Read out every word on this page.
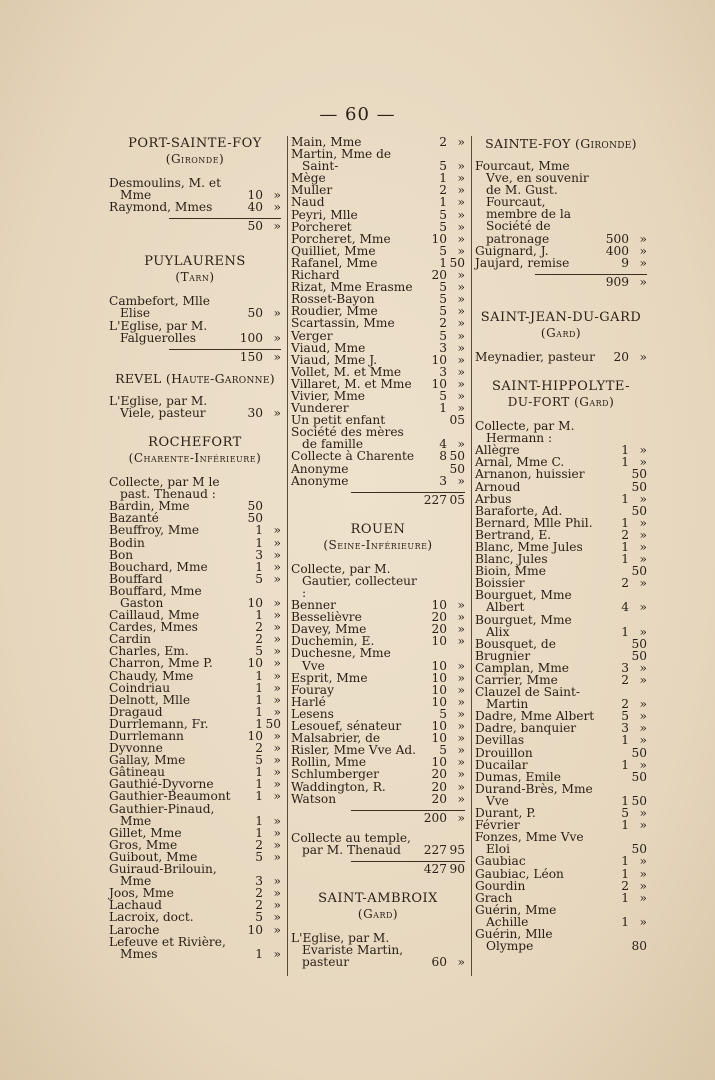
— 60 —
PORT-SAINTE-FOY
(Gironde)
Desmoulins, M. et Mme	10 »
Raymond, Mmes	40 »
50 »
PUYLAURENS
(Tarn)
Cambefort, Mlle Elise	50 »
L'Eglise, par M. Falguerolles	100 »
150 »
REVEL (Haute-Garonne)
L'Eglise, par M. Viele, pasteur	30 »
ROCHEFORT
(Charente-Inférieure)
Collecte, par M le past. Thenaud :
Bardin, Mme	50
Bazanté	50
Beuffroy, Mme	1 »
Bodin	1 »
Bon	3 »
Bouchard, Mme	1 »
Bouffard	5 »
Bouffard, Mme Gaston	10 »
Caillaud, Mme	1 »
Cardes, Mmes	2 »
Cardin	2 »
Charles, Em.	5 »
Charron, Mme P.	10 »
Chaudy, Mme	1 »
Coindriau	1 »
Delnott, Mlle	1 »
Dragaud	1 »
Durrlemann, Fr.	1 50
Durrlemann	10 »
Dyvonne	2 »
Gallay, Mme	5 »
Gâtineau	1 »
Gauthié-Dyvorne	1 »
Gauthier-Beaumont	1 »
Gauthier-Pinaud, Mme	1 »
Gillet, Mme	1 »
Gros, Mme	2 »
Guibout, Mme	5 »
Guiraud-Brilouin, Mme	3 »
Joos, Mme	2 »
Lachaud	2 »
Lacroix, doct.	5 »
Laroche	10 »
Lefeuve et Rivière, Mmes	1 »
Main, Mme	2 »
Martin, Mme de Saint-	5 »
Mège	1 »
Muller	2 »
Naud	1 »
Peyri, Mlle	5 »
Porcheret	5 »
Porcheret, Mme	10 »
Quilliet, Mme	5 »
Rafanel, Mme	1 50
Richard	20 »
Rizat, Mme Erasme	5 »
Rosset-Bayon	5 »
Roudier, Mme	5 »
Scartassin, Mme	2 »
Verger	5 »
Viaud, Mme	3 »
Viaud, Mme J.	10 »
Vollet, M. et Mme	3 »
Villaret, M. et Mme	10 »
Vivier, Mme	5 »
Vunderer	1 »
Un petit enfant	05
Société des mères de famille	4 »
Collecte à Charente	8 50
Anonyme	50
Anonyme	3 »
227 05
ROUEN
(Seine-Inférieure)
Collecte, par M. Gautier, collecteur :
Benner	10 »
Besselièvre	20 »
Davey, Mme	20 »
Duchemin, E.	10 »
Duchesne, Mme Vve	10 »
Esprit, Mme	10 »
Fouray	10 »
Harlé	10 »
Lesens	5 »
Lesouef, sénateur	10 »
Malsabrier, de	10 »
Risler, Mme Vve Ad.	5 »
Rollin, Mme	10 »
Schlumberger	20 »
Waddington, R.	20 »
Watson	20 »
200 »
Collecte au temple, par M. Thenaud	227 95
427 90
SAINT-AMBROIX
(Gard)
L'Eglise, par M. Evariste Martin, pasteur	60 »
SAINTE-FOY (Gironde)
Fourcaut, Mme Vve, en souvenir de M. Gust. Fourcaut, membre de la Société de patronage	500 »
Guignard, J.	400 »
Jaujard, remise	9 »
909 »
SAINT-JEAN-DU-GARD
(Gard)
Meynadier, pasteur	20 »
SAINT-HIPPOLYTE-
DU-FORT (Gard)
Collecte, par M. Hermann :
Allègre	1 »
Arnal, Mme C.	1 »
Arnanon, huissier	50
Arnoud	50
Arbus	1 »
Baraforte, Ad.	50
Bernard, Mlle Phil.	1 »
Bertrand, E.	2 »
Blanc, Mme Jules	1 »
Blanc, Jules	1 »
Bioin, Mme	50
Boissier	2 »
Bourguet, Mme Albert	4 »
Bourguet, Mme Alix	1 »
Bousquet, de	50
Brugnier	50
Camplan, Mme	3 »
Carrier, Mme	2 »
Clauzel de Saint-Martin	2 »
Dadre, Mme Albert	5 »
Dadre, banquier	3 »
Devillas	1 »
Drouillon	50
Ducailar	1 »
Dumas, Emile	50
Durand-Brès, Mme Vve	1 50
Durant, P.	5 »
Février	1 »
Fonzes, Mme Vve Eloi	50
Gaubiac	1 »
Gaubiac, Léon	1 »
Gourdin	2 »
Grach	1 »
Guérin, Mme Achille	1 »
Guérin, Mlle Olympe	80
